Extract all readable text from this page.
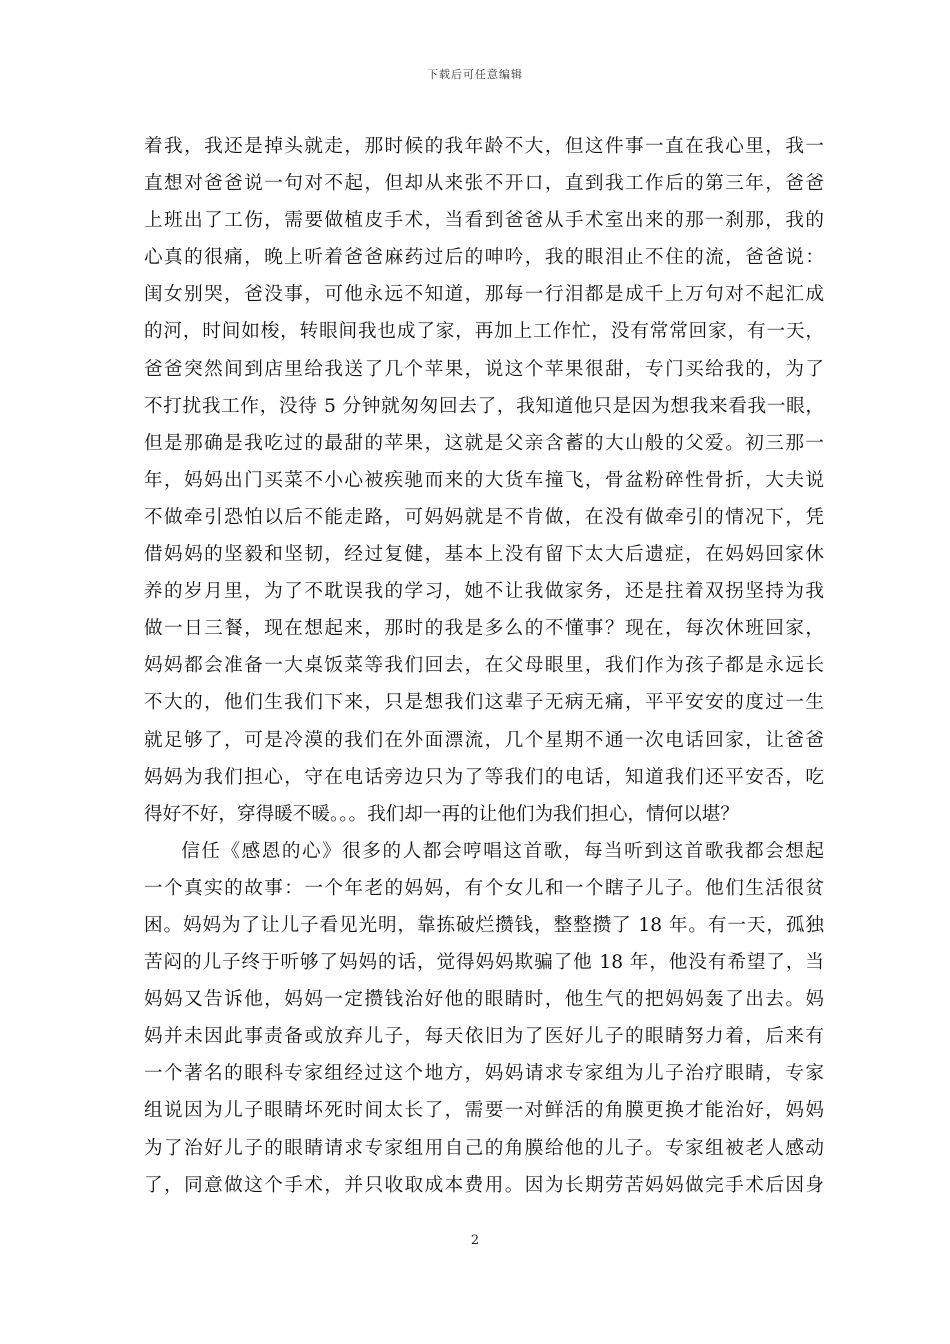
下载后可任意编辑

着我，我还是掉头就走，那时候的我年龄不大，但这件事一直在我心里，我一
直想对爸爸说一句对不起，但却从来张不开口，直到我工作后的第三年，爸爸
上班出了工伤，需要做植皮手术，当看到爸爸从手术室出来的那一刹那，我的
心真的很痛，晚上听着爸爸麻药过后的呻吟，我的眼泪止不住的流，爸爸说：
闺女别哭，爸没事，可他永远不知道，那每一行泪都是成千上万句对不起汇成
的河，时间如梭，转眼间我也成了家，再加上工作忙，没有常常回家，有一天，
爸爸突然间到店里给我送了几个苹果，说这个苹果很甜，专门买给我的，为了
不打扰我工作，没待 5 分钟就匆匆回去了，我知道他只是因为想我来看我一眼，
但是那确是我吃过的最甜的苹果，这就是父亲含蓄的大山般的父爱。初三那一
年，妈妈出门买菜不小心被疾驰而来的大货车撞飞，骨盆粉碎性骨折，大夫说
不做牵引恐怕以后不能走路，可妈妈就是不肯做，在没有做牵引的情况下，凭
借妈妈的坚毅和坚韧，经过复健，基本上没有留下太大后遗症，在妈妈回家休
养的岁月里，为了不耽误我的学习，她不让我做家务，还是拄着双拐坚持为我
做一日三餐，现在想起来，那时的我是多么的不懂事？现在，每次休班回家，
妈妈都会准备一大桌饭菜等我们回去，在父母眼里，我们作为孩子都是永远长
不大的，他们生我们下来，只是想我们这辈子无病无痛，平平安安的度过一生
就足够了，可是冷漠的我们在外面漂流，几个星期不通一次电话回家，让爸爸
妈妈为我们担心，守在电话旁边只为了等我们的电话，知道我们还平安否，吃
得好不好，穿得暖不暖。。。我们却一再的让他们为我们担心，情何以堪？

信任《感恩的心》很多的人都会哼唱这首歌，每当听到这首歌我都会想起
一个真实的故事：一个年老的妈妈，有个女儿和一个瞎子儿子。他们生活很贫
困。妈妈为了让儿子看见光明，靠拣破烂攒钱，整整攒了 18 年。有一天，孤独
苦闷的儿子终于听够了妈妈的话，觉得妈妈欺骗了他 18 年，他没有希望了，当
妈妈又告诉他，妈妈一定攒钱治好他的眼睛时，他生气的把妈妈轰了出去。妈
妈并未因此事责备或放弃儿子，每天依旧为了医好儿子的眼睛努力着，后来有
一个著名的眼科专家组经过这个地方，妈妈请求专家组为儿子治疗眼睛，专家
组说因为儿子眼睛坏死时间太长了，需要一对鲜活的角膜更换才能治好，妈妈
为了治好儿子的眼睛请求专家组用自己的角膜给他的儿子。专家组被老人感动
了，同意做这个手术，并只收取成本费用。因为长期劳苦妈妈做完手术后因身

2
